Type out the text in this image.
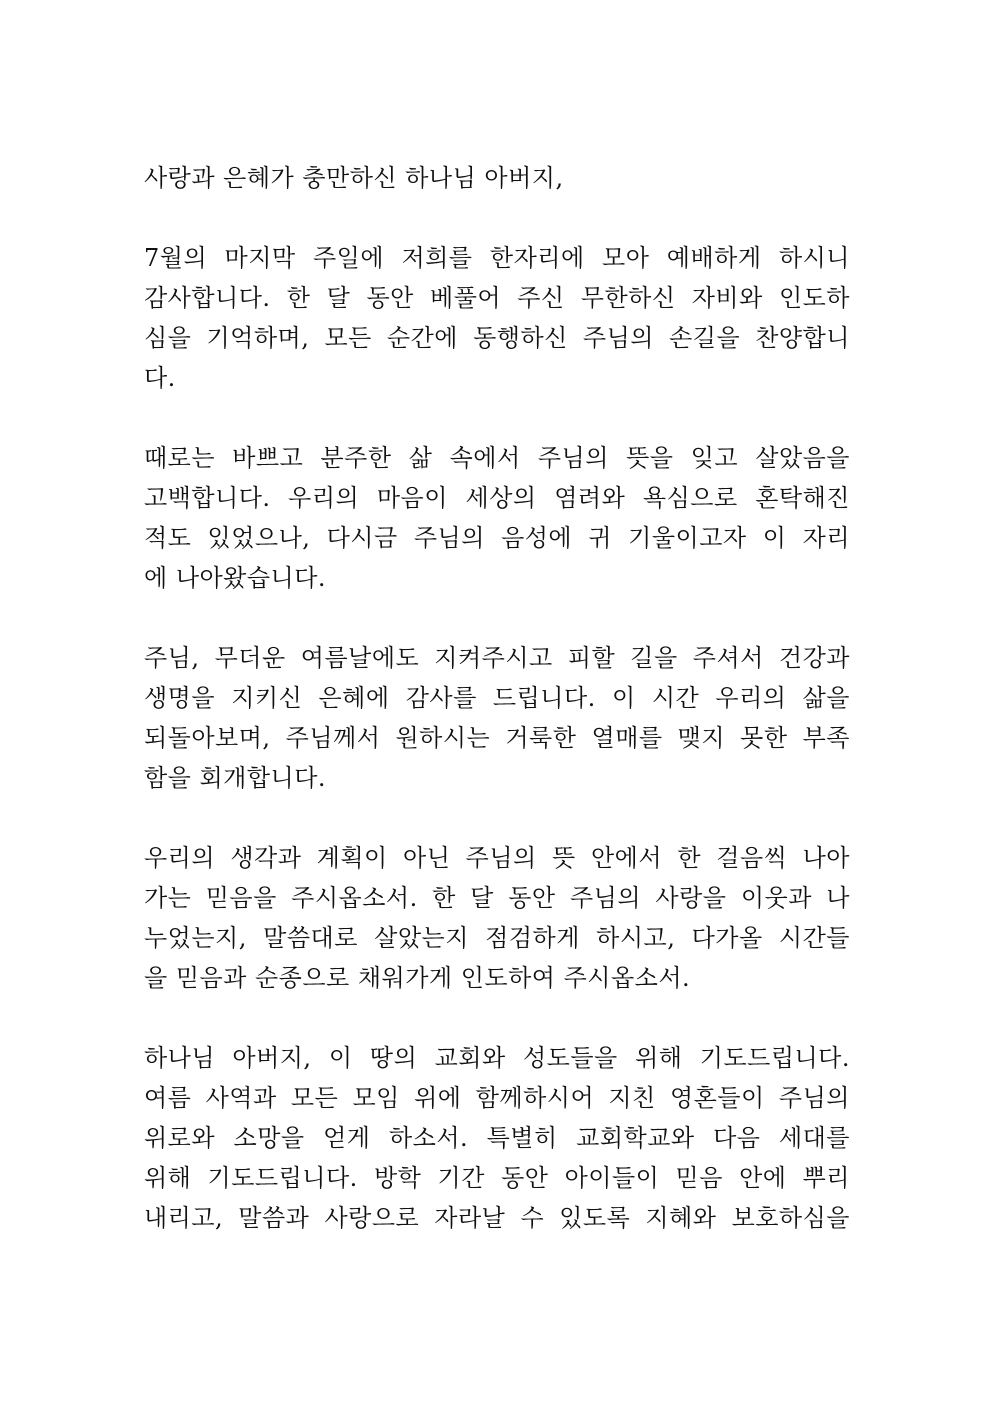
사랑과 은혜가 충만하신 하나님 아버지,
7월의 마지막 주일에 저희를 한자리에 모아 예배하게 하시니
감사합니다. 한 달 동안 베풀어 주신 무한하신 자비와 인도하
심을 기억하며, 모든 순간에 동행하신 주님의 손길을 찬양합니
다.
때로는 바쁘고 분주한 삶 속에서 주님의 뜻을 잊고 살았음을
고백합니다. 우리의 마음이 세상의 염려와 욕심으로 혼탁해진
적도 있었으나, 다시금 주님의 음성에 귀 기울이고자 이 자리
에 나아왔습니다.
주님, 무더운 여름날에도 지켜주시고 피할 길을 주셔서 건강과
생명을 지키신 은혜에 감사를 드립니다. 이 시간 우리의 삶을
되돌아보며, 주님께서 원하시는 거룩한 열매를 맺지 못한 부족
함을 회개합니다.
우리의 생각과 계획이 아닌 주님의 뜻 안에서 한 걸음씩 나아
가는 믿음을 주시옵소서. 한 달 동안 주님의 사랑을 이웃과 나
누었는지, 말씀대로 살았는지 점검하게 하시고, 다가올 시간들
을 믿음과 순종으로 채워가게 인도하여 주시옵소서.
하나님 아버지, 이 땅의 교회와 성도들을 위해 기도드립니다.
여름 사역과 모든 모임 위에 함께하시어 지친 영혼들이 주님의
위로와 소망을 얻게 하소서. 특별히 교회학교와 다음 세대를
위해 기도드립니다. 방학 기간 동안 아이들이 믿음 안에 뿌리
내리고, 말씀과 사랑으로 자라날 수 있도록 지혜와 보호하심을
